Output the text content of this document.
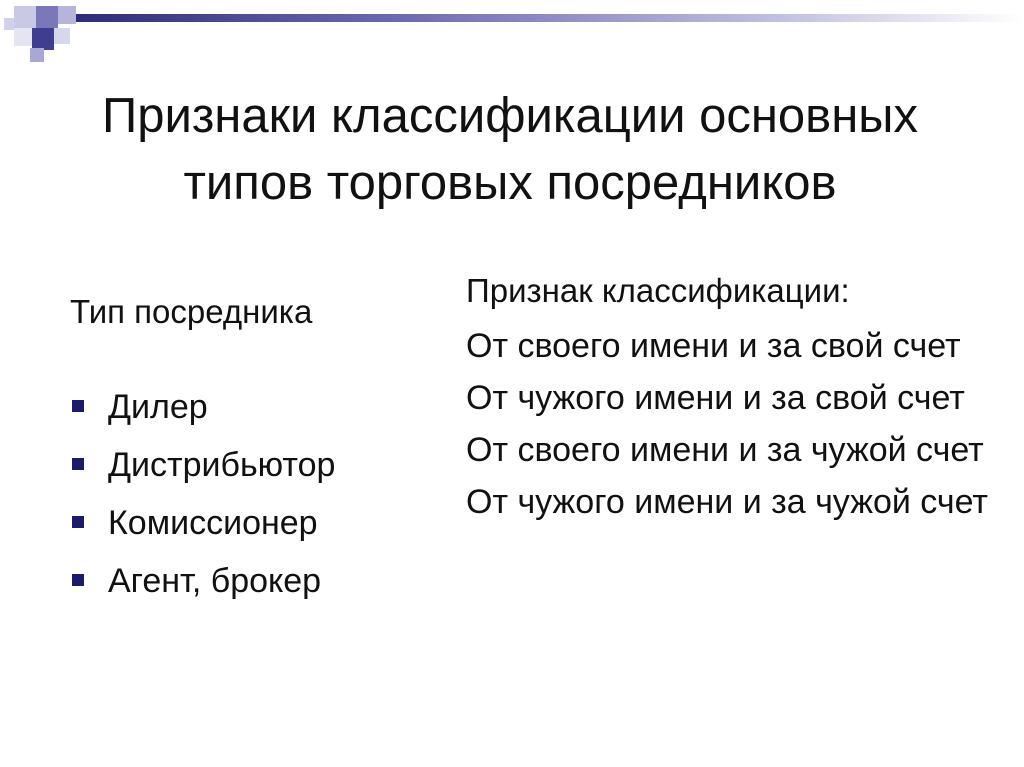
Признаки классификации основных типов торговых посредников
Тип посредника
Дилер
Дистрибьютор
Комиссионер
Агент, брокер
Признак классификации:
От своего имени и за свой счет
От чужого имени и за свой счет
От своего имени и за чужой счет
От чужого имени и за чужой счет
